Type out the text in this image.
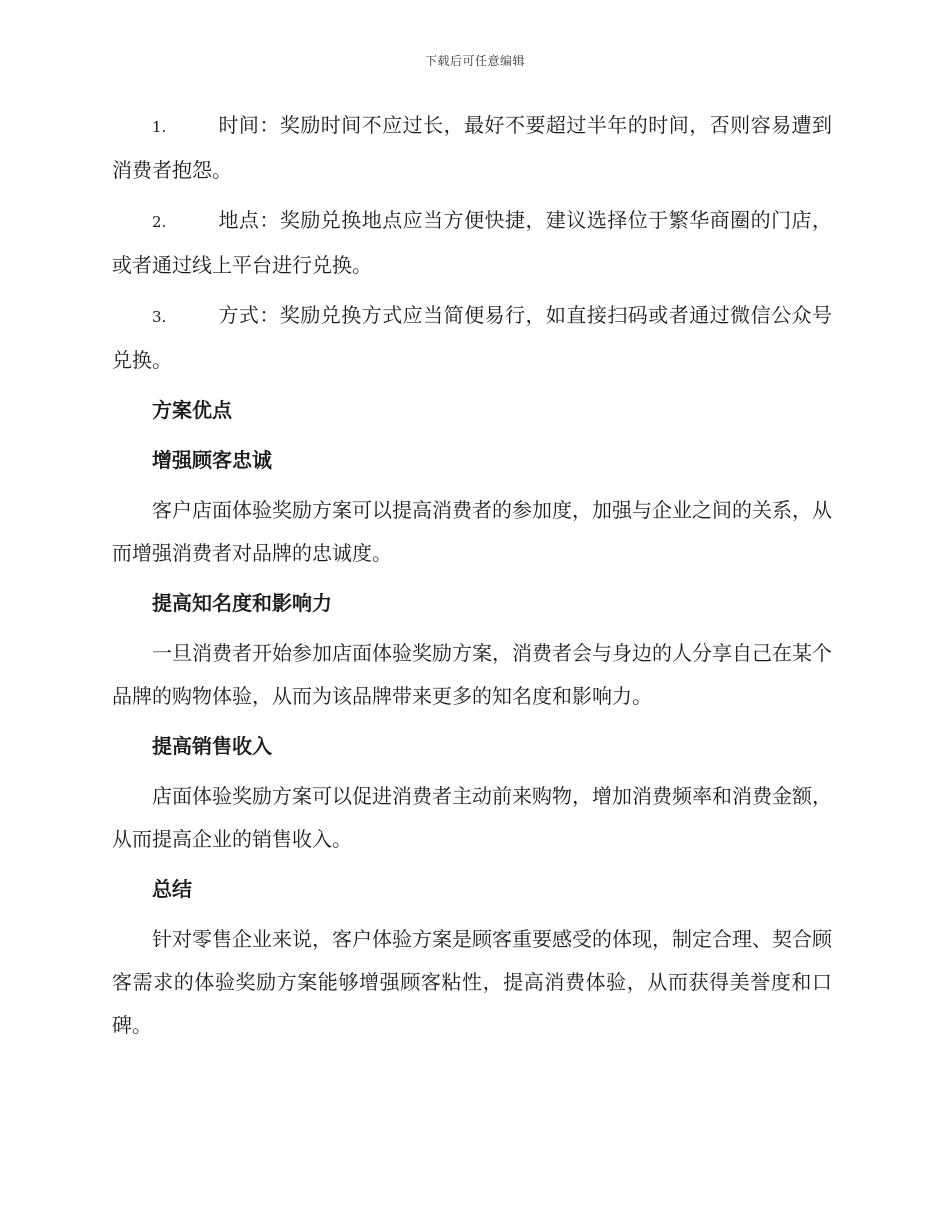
下载后可任意编辑

1.	时间：奖励时间不应过长，最好不要超过半年的时间，否则容易遭到消费者抱怨。

2.	地点：奖励兑换地点应当方便快捷，建议选择位于繁华商圈的门店，或者通过线上平台进行兑换。

3.	方式：奖励兑换方式应当简便易行，如直接扫码或者通过微信公众号兑换。

方案优点
增强顾客忠诚

客户店面体验奖励方案可以提高消费者的参加度，加强与企业之间的关系，从而增强消费者对品牌的忠诚度。

提高知名度和影响力

一旦消费者开始参加店面体验奖励方案，消费者会与身边的人分享自己在某个品牌的购物体验，从而为该品牌带来更多的知名度和影响力。

提高销售收入

店面体验奖励方案可以促进消费者主动前来购物，增加消费频率和消费金额，从而提高企业的销售收入。

总结

针对零售企业来说，客户体验方案是顾客重要感受的体现，制定合理、契合顾客需求的体验奖励方案能够增强顾客粘性，提高消费体验，从而获得美誉度和口碑。
